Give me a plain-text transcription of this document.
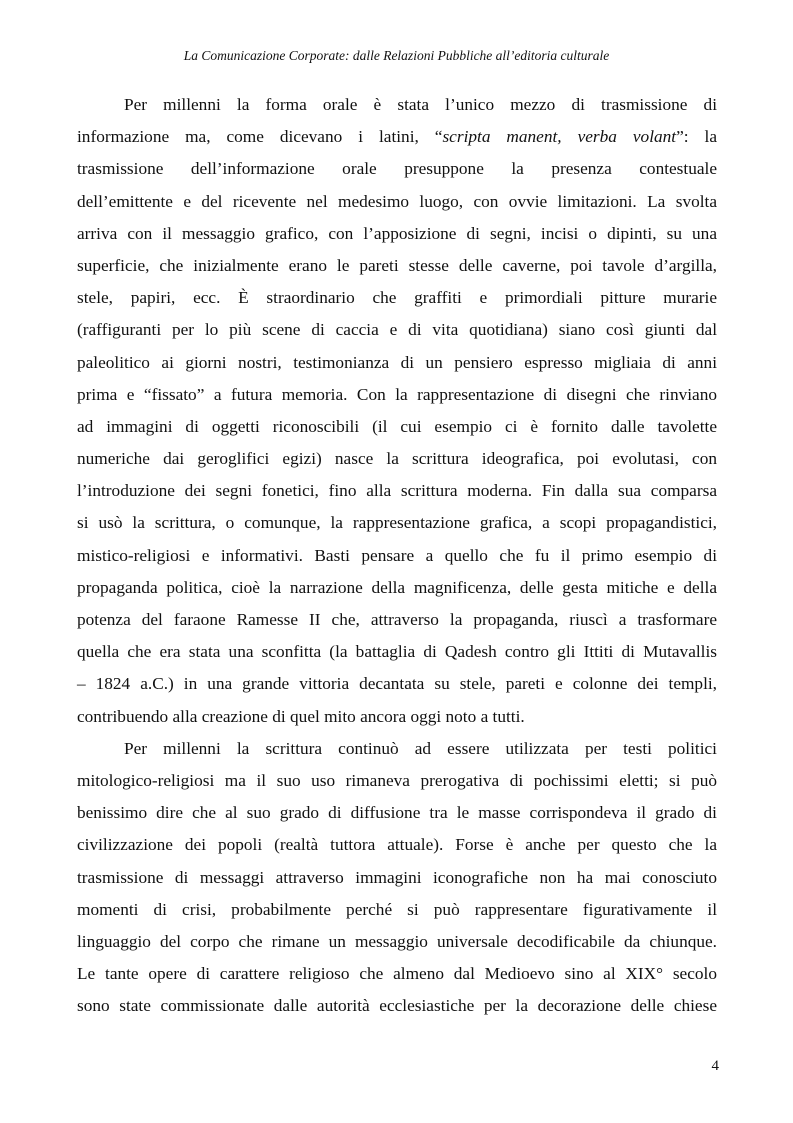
La Comunicazione Corporate: dalle Relazioni Pubbliche all’editoria culturale
Per millenni la forma orale è stata l’unico mezzo di trasmissione di
informazione ma, come dicevano i latini, “scripta manent, verba volant”: la
trasmissione dell’informazione orale presuppone la presenza contestuale
dell’emittente e del ricevente nel medesimo luogo, con ovvie limitazioni. La svolta
arriva con il messaggio grafico, con l’apposizione di segni, incisi o dipinti, su una
superficie, che inizialmente erano le pareti stesse delle caverne, poi tavole d’argilla,
stele, papiri, ecc. È straordinario che graffiti e primordiali pitture murarie
(raffiguranti per lo più scene di caccia e di vita quotidiana) siano così giunti dal
paleolitico ai giorni nostri, testimonianza di un pensiero espresso migliaia di anni
prima e “fissato” a futura memoria. Con la rappresentazione di disegni che rinviano
ad immagini di oggetti riconoscibili (il cui esempio ci è fornito dalle tavolette
numeriche dai geroglifici egizi) nasce la scrittura ideografica, poi evolutasi, con
l’introduzione dei segni fonetici, fino alla scrittura moderna. Fin dalla sua comparsa
si usò la scrittura, o comunque, la rappresentazione grafica, a scopi propagandistici,
mistico-religiosi e informativi. Basti pensare a quello che fu il primo esempio di
propaganda politica, cioè la narrazione della magnificenza, delle gesta mitiche e della
potenza del faraone Ramesse II che, attraverso la propaganda, riuscì a trasformare
quella che era stata una sconfitta (la battaglia di Qadesh contro gli Ittiti di Mutavallis
– 1824 a.C.) in una grande vittoria decantata su stele, pareti e colonne dei templi,
contribuendo alla creazione di quel mito ancora oggi noto a tutti.
Per millenni la scrittura continuò ad essere utilizzata per testi politici
mitologico-religiosi ma il suo uso rimaneva prerogativa di pochissimi eletti; si può
benissimo dire che al suo grado di diffusione tra le masse corrispondeva il grado di
civilizzazione dei popoli (realtà tuttora attuale). Forse è anche per questo che la
trasmissione di messaggi attraverso immagini iconografiche non ha mai conosciuto
momenti di crisi, probabilmente perché si può rappresentare figurativamente il
linguaggio del corpo che rimane un messaggio universale decodificabile da chiunque.
Le tante opere di carattere religioso che almeno dal Medioevo sino al XIX° secolo
sono state commissionate dalle autorità ecclesiastiche per la decorazione delle chiese
4
